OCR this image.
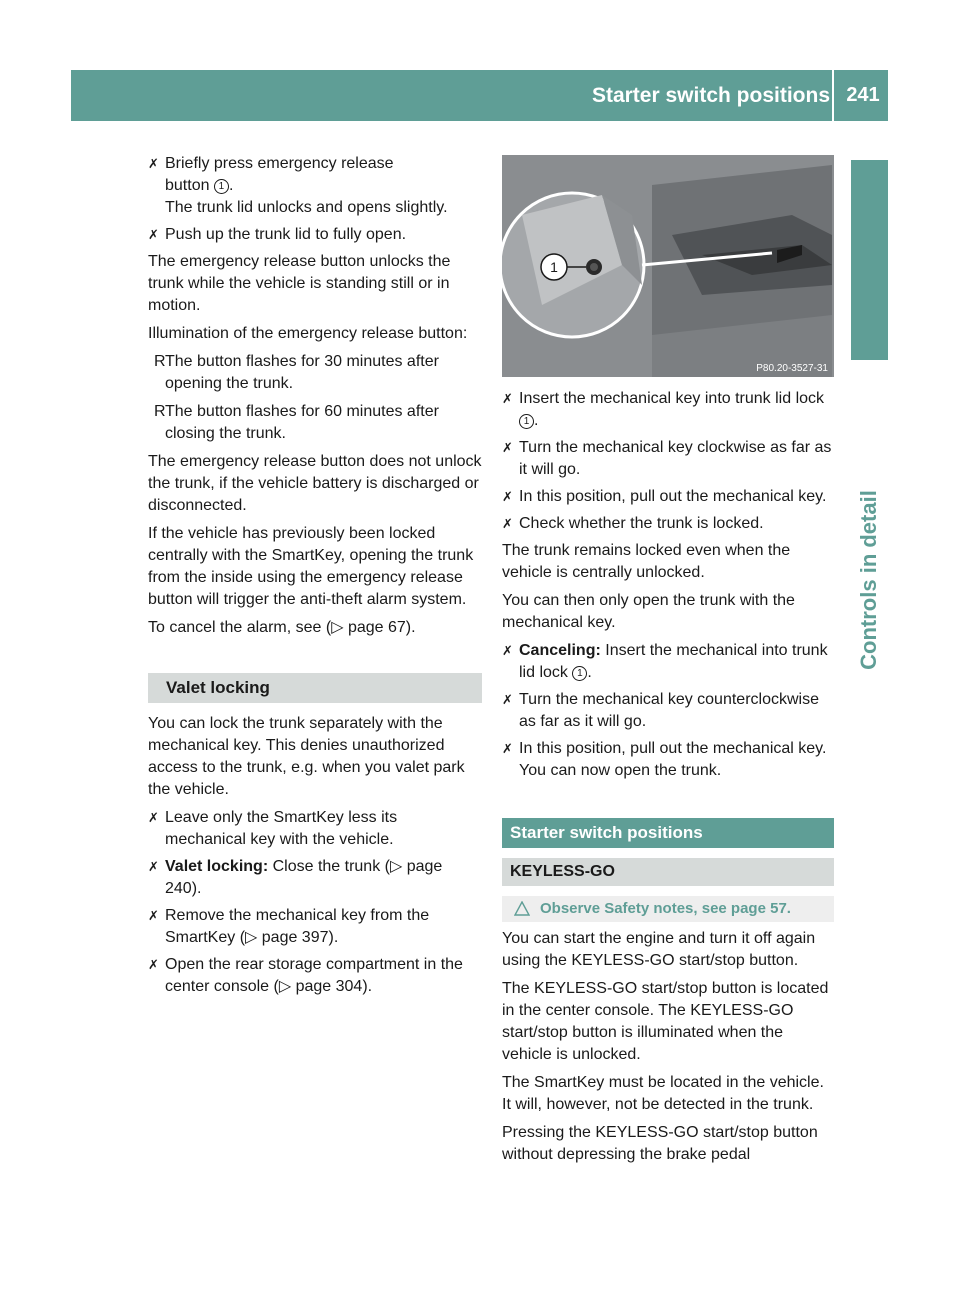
Starter switch positions 241
Controls in detail
✗ Briefly press emergency release
button 1 .
The trunk lid unlocks and opens slightly.

✗ Push up the trunk lid to fully open.

The emergency release button unlocks the trunk while the vehicle is standing still or in motion.

Illumination of the emergency release button:

R The button flashes for 30 minutes after opening the trunk.
R The button flashes for 60 minutes after closing the trunk.

The emergency release button does not unlock the trunk, if the vehicle battery is discharged or disconnected.

If the vehicle has previously been locked centrally with the SmartKey, opening the trunk from the inside using the emergency release button will trigger the anti-theft alarm system.

To cancel the alarm, see (▷ page 67).

Valet locking

You can lock the trunk separately with the mechanical key. This denies unauthorized access to the trunk, e.g. when you valet park the vehicle.

✗ Leave only the SmartKey less its mechanical key with the vehicle.

✗ Valet locking: Close the trunk (▷ page 240).

✗ Remove the mechanical key from the SmartKey (▷ page 397).

✗ Open the rear storage compartment in the center console (▷ page 304).

1
P80.20-3527-31
✗ Insert the mechanical key into trunk lid lock 1 .

✗ Turn the mechanical key clockwise as far as it will go.

✗ In this position, pull out the mechanical key.

✗ Check whether the trunk is locked.

The trunk remains locked even when the vehicle is centrally unlocked.

You can then only open the trunk with the mechanical key.

✗ Canceling: Insert the mechanical into trunk lid lock 1 .

✗ Turn the mechanical key counterclockwise as far as it will go.

✗ In this position, pull out the mechanical key.
You can now open the trunk.

Starter switch positions
KEYLESS-GO
Observe Safety notes, see page 57.

You can start the engine and turn it off again using the KEYLESS-GO start/stop button.

The KEYLESS-GO start/stop button is located in the center console. The KEYLESS-GO start/stop button is illuminated when the vehicle is unlocked.

The SmartKey must be located in the vehicle. It will, however, not be detected in the trunk.

Pressing the KEYLESS-GO start/stop button without depressing the brake pedal
